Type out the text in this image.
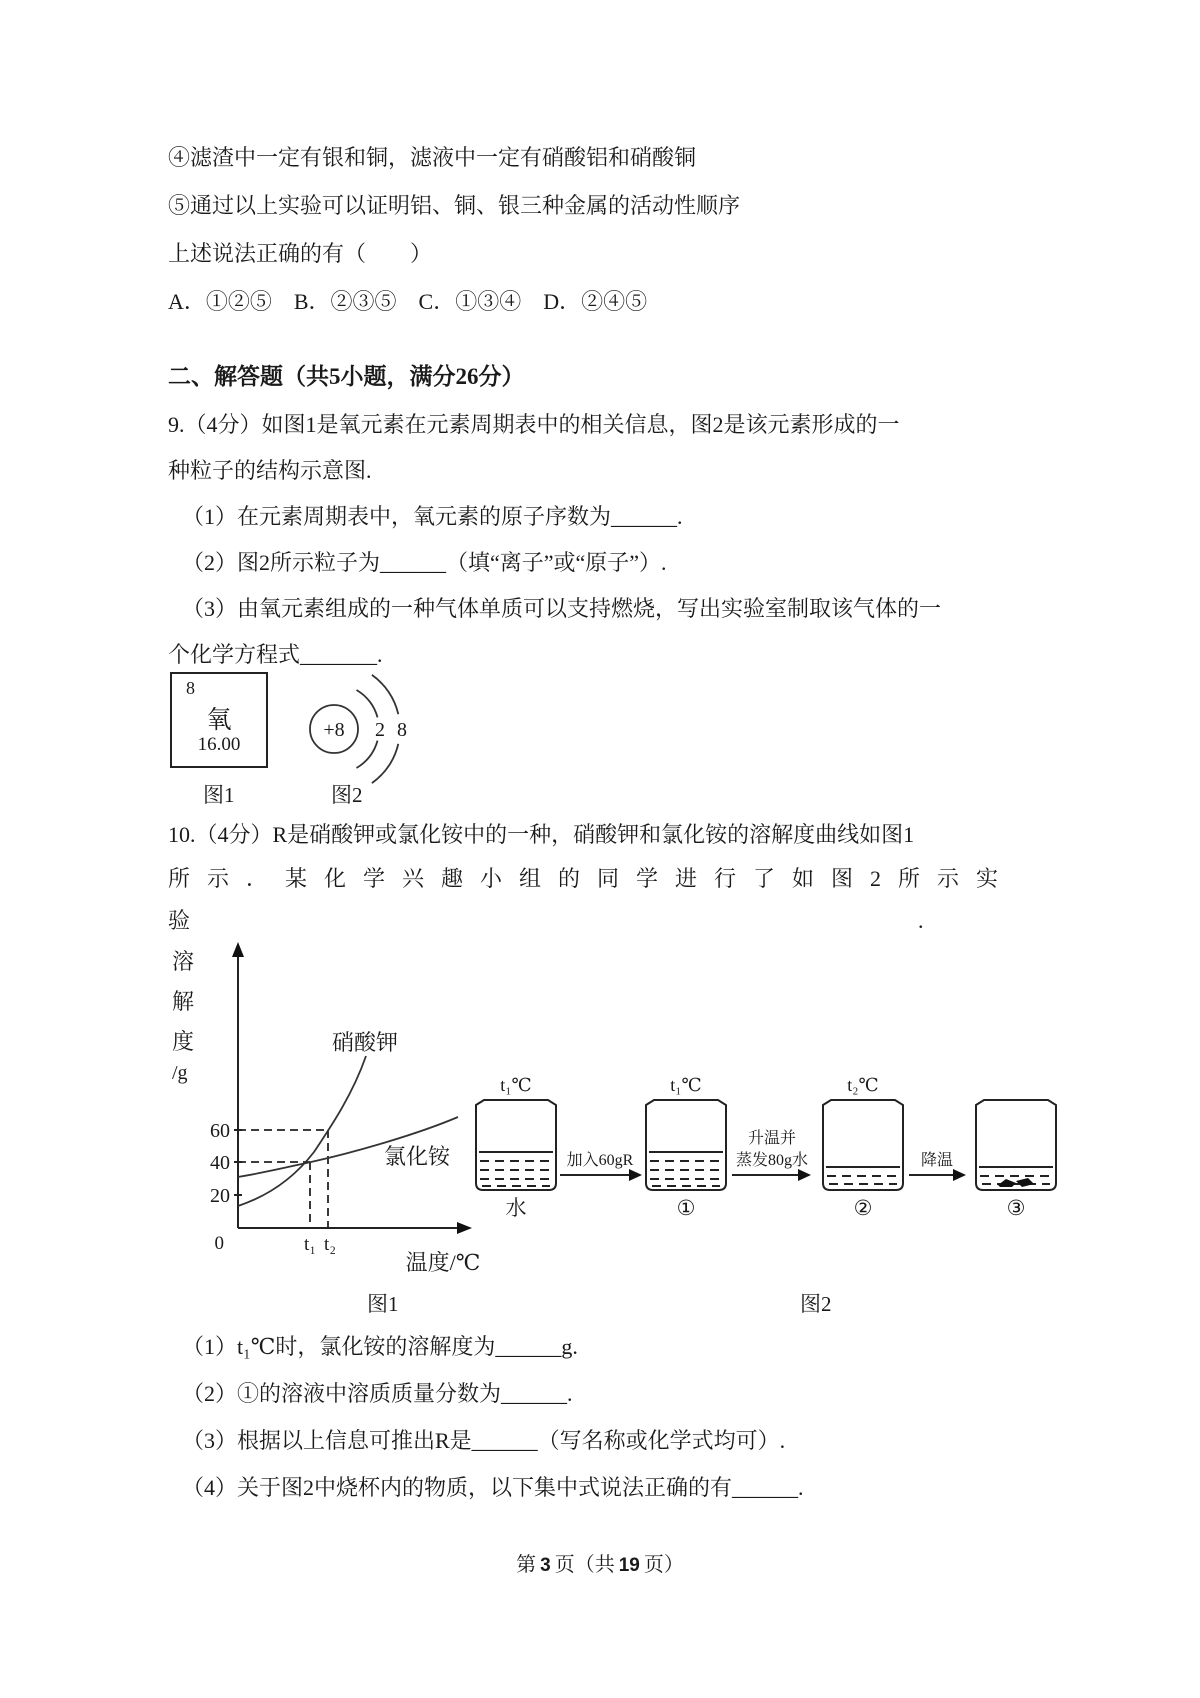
④滤渣中一定有银和铜，滤液中一定有硝酸铝和硝酸铜
⑤通过以上实验可以证明铝、铜、银三种金属的活动性顺序
上述说法正确的有（　　）
A．①②⑤　B．②③⑤　C．①③④　D．②④⑤
二、解答题（共5小题，满分26分）
9.（4分）如图1是氧元素在元素周期表中的相关信息，图2是该元素形成的一
种粒子的结构示意图.
（1）在元素周期表中，氧元素的原子序数为______.
（2）图2所示粒子为______（填“离子”或“原子”）.
（3）由氧元素组成的一种气体单质可以支持燃烧，写出实验室制取该气体的一
个化学方程式_______.
8
氧
16.00
+8 2 8
图1	图2
10.（4分）R是硝酸钾或氯化铵中的一种，硝酸钾和氯化铵的溶解度曲线如图1
所示．某化学兴趣小组的同学进行了如图2所示实
验	.
溶解度
/g
60
40
20
0
硝酸钾
氯化铵
t₁ t₂
温度/℃
t₁℃
水
加入60gR
t₁℃
①
升温并
蒸发80g水
t₂℃
②
降温
③
图1	图2
（1）t₁℃时，氯化铵的溶解度为______g.
（2）①的溶液中溶质质量分数为______.
（3）根据以上信息可推出R是______（写名称或化学式均可）.
（4）关于图2中烧杯内的物质，以下集中式说法正确的有______.
第 3 页（共 19 页）
